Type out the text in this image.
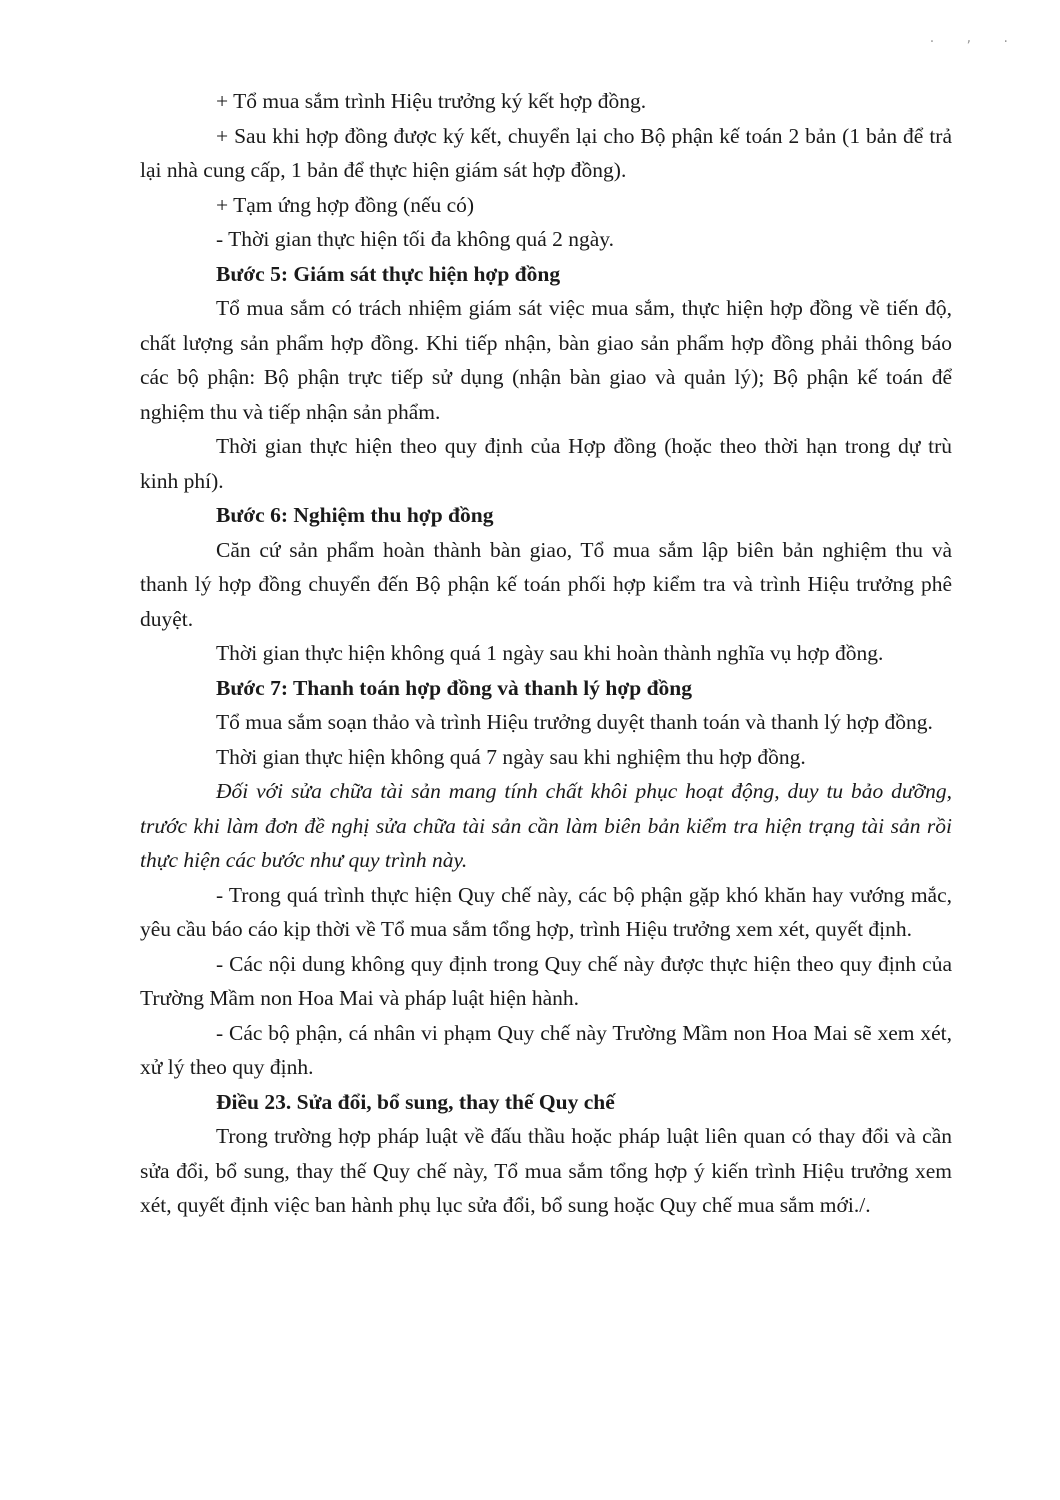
. , .

+ Tổ mua sắm trình Hiệu trưởng ký kết hợp đồng.

+ Sau khi hợp đồng được ký kết, chuyển lại cho Bộ phận kế toán 2 bản (1 bản để trả lại nhà cung cấp, 1 bản để thực hiện giám sát hợp đồng).

+ Tạm ứng hợp đồng (nếu có)

- Thời gian thực hiện tối đa không quá 2 ngày.

Bước 5: Giám sát thực hiện hợp đồng

Tổ mua sắm có trách nhiệm giám sát việc mua sắm, thực hiện hợp đồng về tiến độ, chất lượng sản phẩm hợp đồng. Khi tiếp nhận, bàn giao sản phẩm hợp đồng phải thông báo các bộ phận: Bộ phận trực tiếp sử dụng (nhận bàn giao và quản lý); Bộ phận kế toán để nghiệm thu và tiếp nhận sản phẩm.

Thời gian thực hiện theo quy định của Hợp đồng (hoặc theo thời hạn trong dự trù kinh phí).

Bước 6: Nghiệm thu hợp đồng

Căn cứ sản phẩm hoàn thành bàn giao, Tổ mua sắm lập biên bản nghiệm thu và thanh lý hợp đồng chuyển đến Bộ phận kế toán phối hợp kiểm tra và trình Hiệu trưởng phê duyệt.

Thời gian thực hiện không quá 1 ngày sau khi hoàn thành nghĩa vụ hợp đồng.

Bước 7: Thanh toán hợp đồng và thanh lý hợp đồng

Tổ mua sắm soạn thảo và trình Hiệu trưởng duyệt thanh toán và thanh lý hợp đồng.

Thời gian thực hiện không quá 7 ngày sau khi nghiệm thu hợp đồng.

Đối với sửa chữa tài sản mang tính chất khôi phục hoạt động, duy tu bảo dưỡng, trước khi làm đơn đề nghị sửa chữa tài sản cần làm biên bản kiểm tra hiện trạng tài sản rồi thực hiện các bước như quy trình này.

- Trong quá trình thực hiện Quy chế này, các bộ phận gặp khó khăn hay vướng mắc, yêu cầu báo cáo kịp thời về Tổ mua sắm tổng hợp, trình Hiệu trưởng xem xét, quyết định.

- Các nội dung không quy định trong Quy chế này được thực hiện theo quy định của Trường Mầm non Hoa Mai và pháp luật hiện hành.

- Các bộ phận, cá nhân vi phạm Quy chế này Trường Mầm non Hoa Mai sẽ xem xét, xử lý theo quy định.

Điều 23. Sửa đổi, bổ sung, thay thế Quy chế

Trong trường hợp pháp luật về đấu thầu hoặc pháp luật liên quan có thay đổi và cần sửa đổi, bổ sung, thay thế Quy chế này, Tổ mua sắm tổng hợp ý kiến trình Hiệu trưởng xem xét, quyết định việc ban hành phụ lục sửa đổi, bổ sung hoặc Quy chế mua sắm mới./.
